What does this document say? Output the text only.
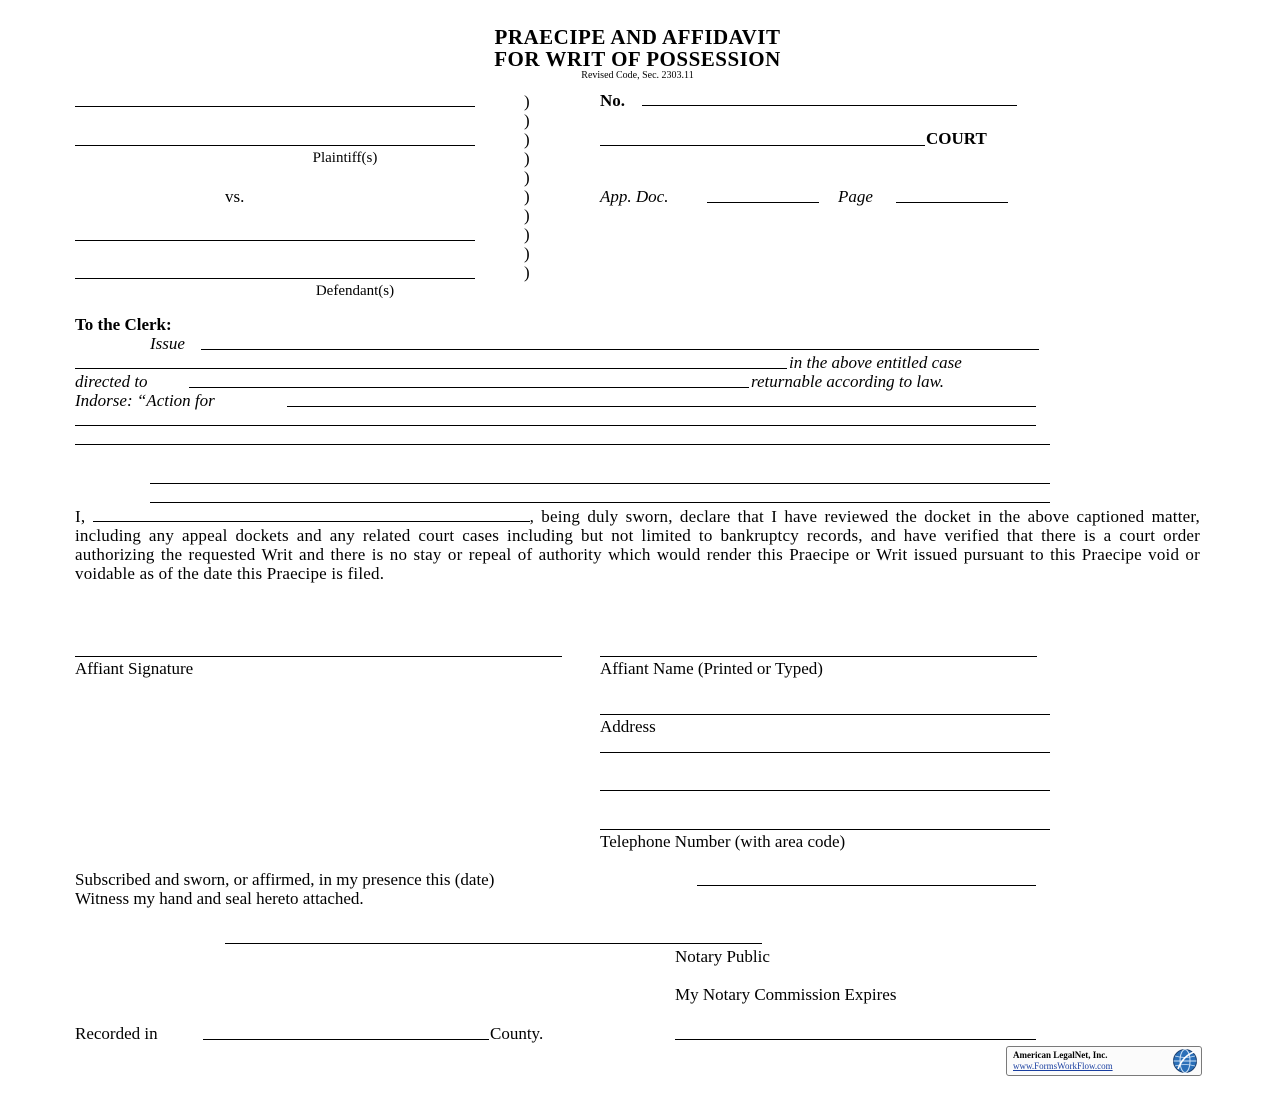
PRAECIPE AND AFFIDAVIT
FOR WRIT OF POSSESSION
Revised Code, Sec. 2303.11
Plaintiff(s)
vs.
Defendant(s)
)
)
)
)
)
)
)
)
)
)
No.
COURT
App. Doc.	Page
To the Clerk:
Issue
in the above entitled case
directed to	returnable according to law.
Indorse: “Action for
I,	, being duly sworn, declare that I have reviewed the docket in the above captioned matter, including any appeal dockets and any related court cases including but not limited to bankruptcy records, and have verified that there is a court order authorizing the requested Writ and there is no stay or repeal of authority which would render this Praecipe or Writ issued pursuant to this Praecipe void or voidable as of the date this Praecipe is filed.
Affiant Signature	Affiant Name (Printed or Typed)
Address
Telephone Number (with area code)
Subscribed and sworn, or affirmed, in my presence this (date)
Witness my hand and seal hereto attached.
Notary Public
My Notary Commission Expires
Recorded in	County.
American LegalNet, Inc.
www.FormsWorkFlow.com
